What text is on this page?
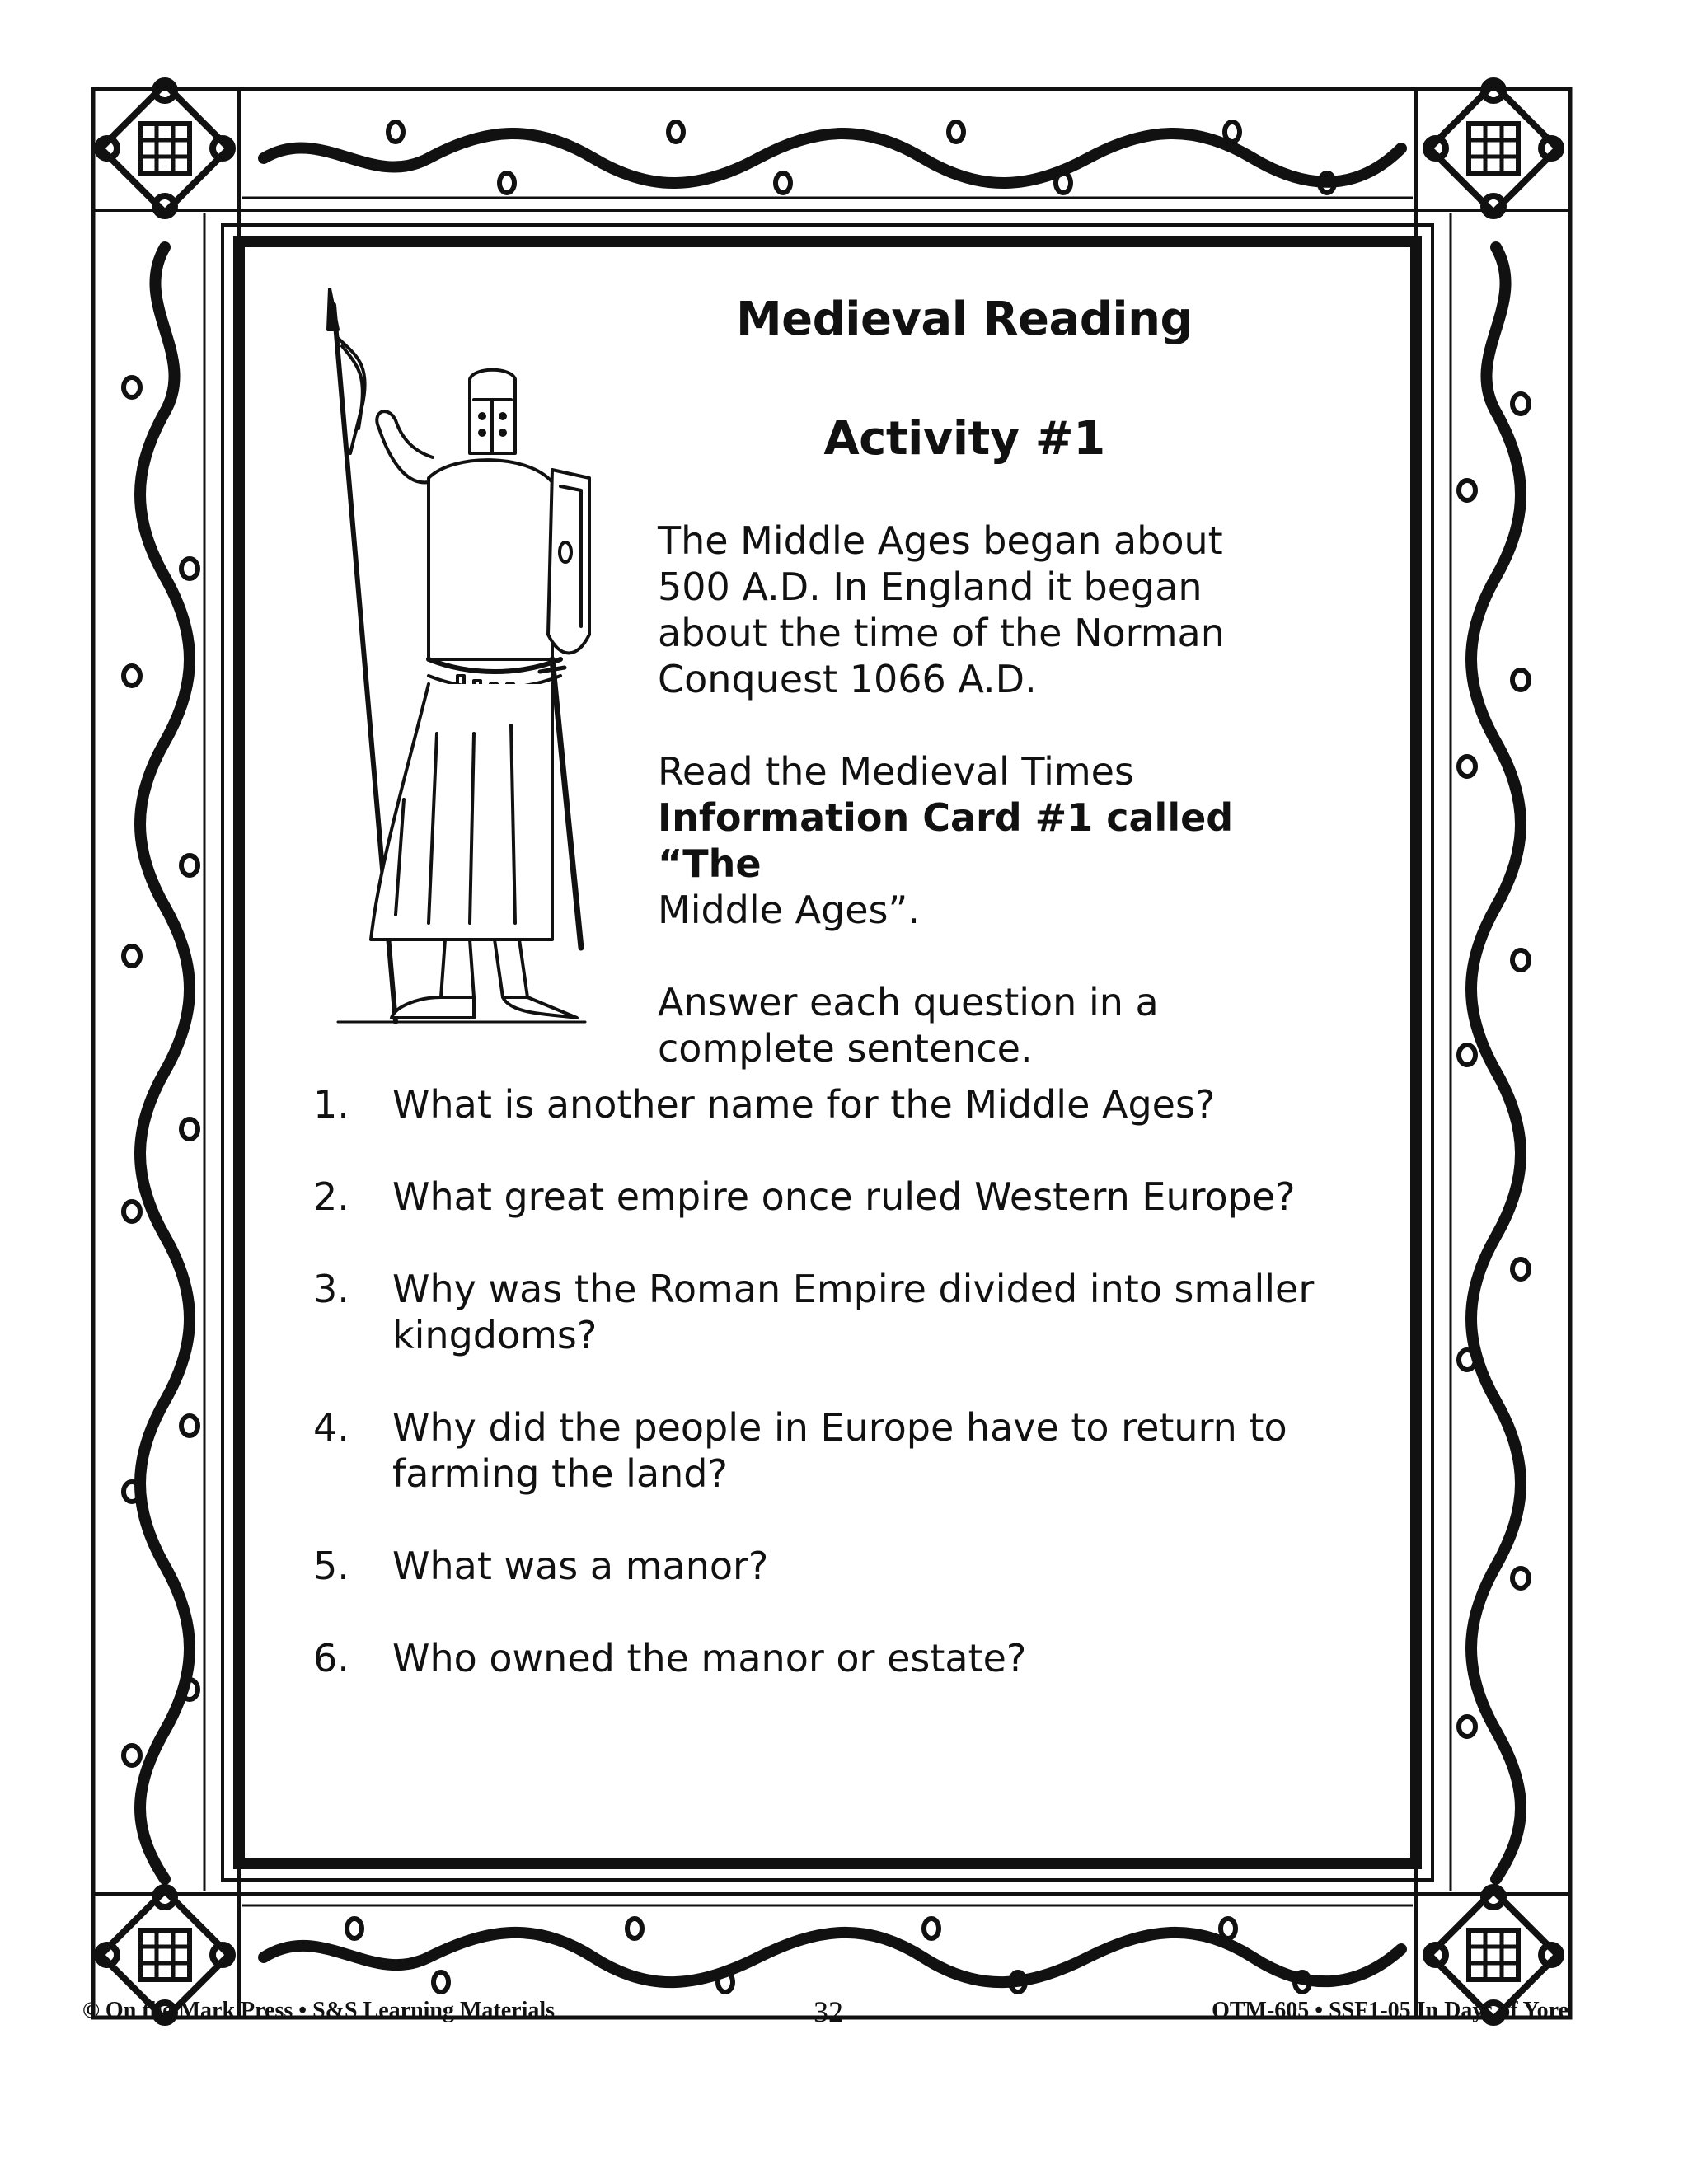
Medieval Reading
Activity #1

The Middle Ages began about
500 A.D. In England it began
about the time of the Norman
Conquest 1066 A.D.

Read the Medieval Times
Information Card #1 called “The
Middle Ages”.

Answer each question in a
complete sentence.

1.	What is another name for the Middle Ages?
2.	What great empire once ruled Western Europe?
3.	Why was the Roman Empire divided into smaller kingdoms?
4.	Why did the people in Europe have to return to farming the land?
5.	What was a manor?
6.	Who owned the manor or estate?
© On the Mark Press • S&S Learning Materials	32	OTM-605 • SSF1-05 In Days of Yore
